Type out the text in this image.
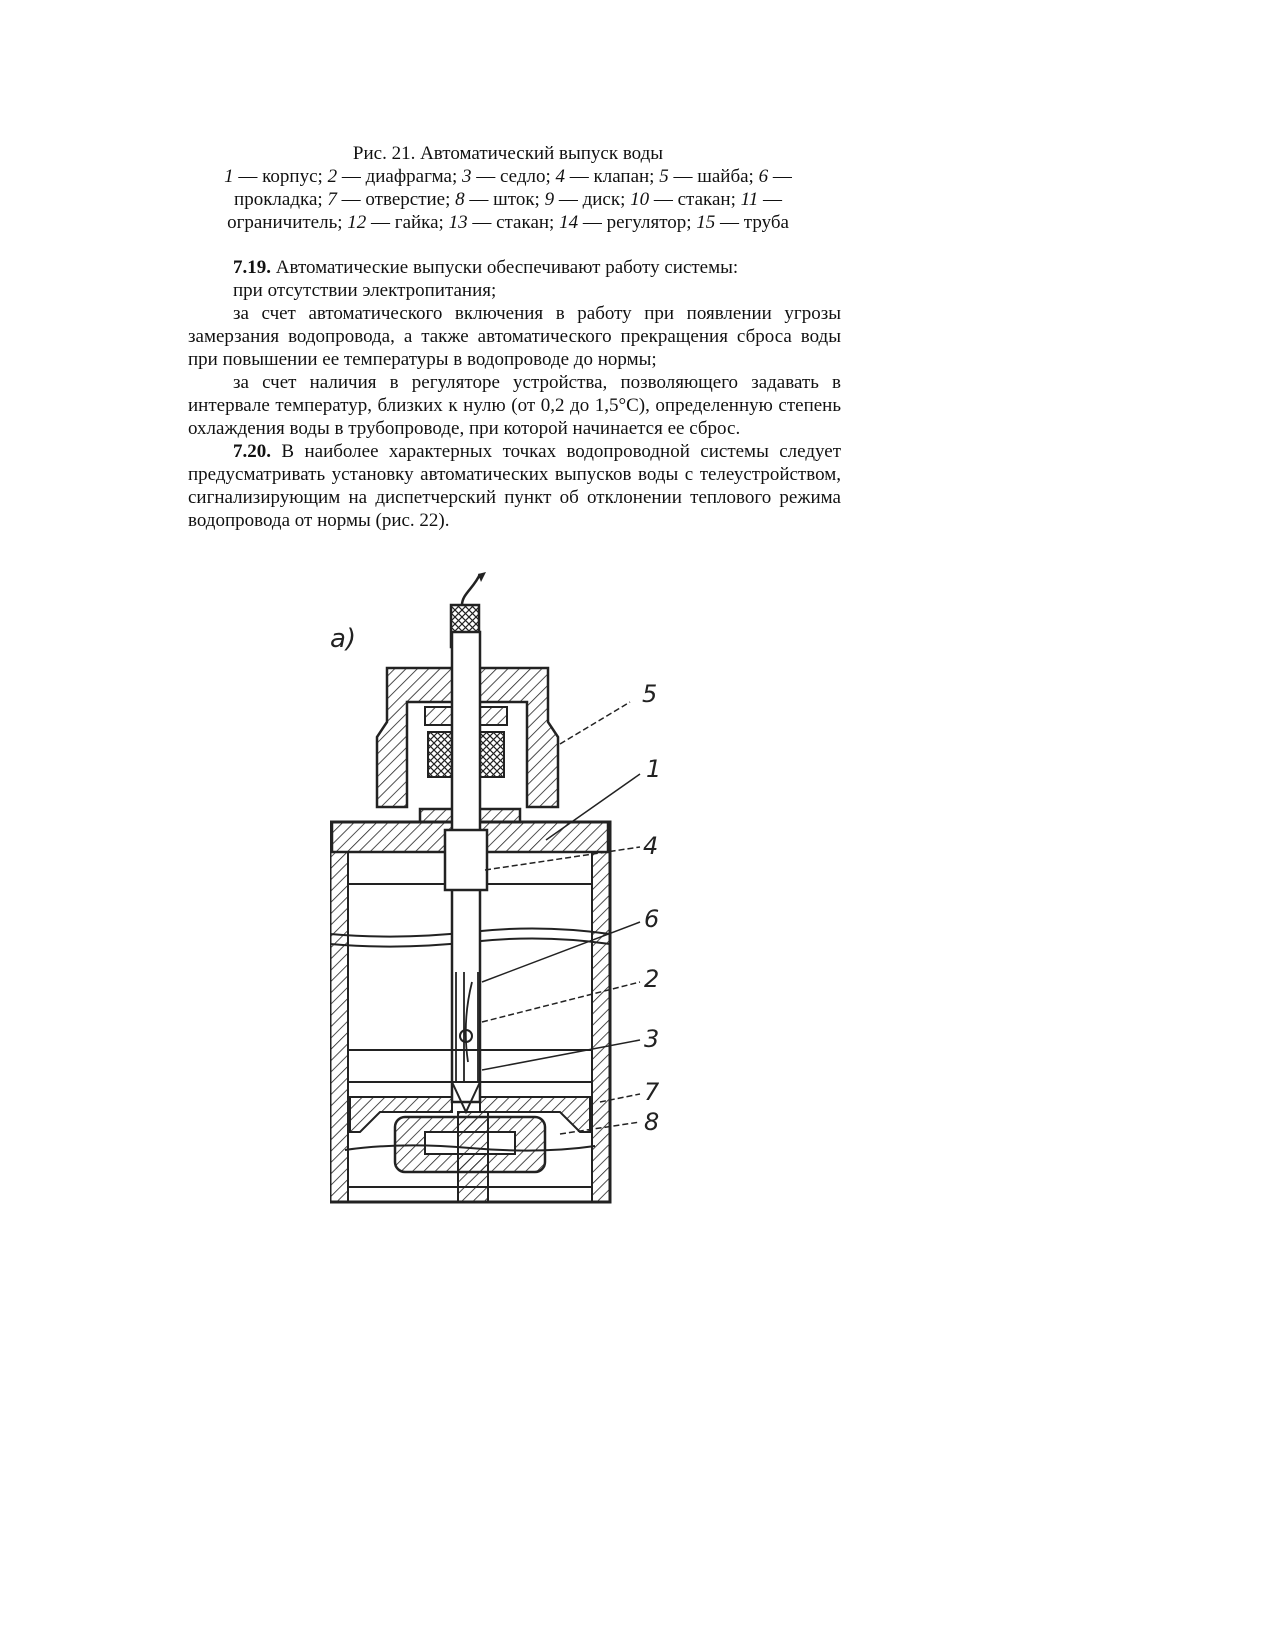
Рис. 21. Автоматический выпуск воды
1 — корпус; 2 — диафрагма; 3 — седло; 4 — клапан; 5 — шайба; 6 — прокладка; 7 — отверстие; 8 — шток; 9 — диск; 10 — стакан; 11 — ограничитель; 12 — гайка; 13 — стакан; 14 — регулятор; 15 — труба

7.19. Автоматические выпуски обеспечивают работу системы:

при отсутствии электропитания;

за счет автоматического включения в работу при появлении угрозы замерзания водопровода, а также автоматического прекращения сброса воды при повышении ее температуры в водопроводе до нормы;

за счет наличия в регуляторе устройства, позволяющего задавать в интервале температур, близких к нулю (от 0,2 до 1,5°С), определенную степень охлаждения воды в трубопроводе, при которой начинается ее сброс.

7.20. В наиболее характерных точках водопроводной системы следует предусматривать установку автоматических выпусков воды с телеустройством, сигнализирующим на диспетчерский пункт об отклонении теплового режима водопровода от нормы (рис. 22).

а)
5
1
4
6
2
3
7
8
